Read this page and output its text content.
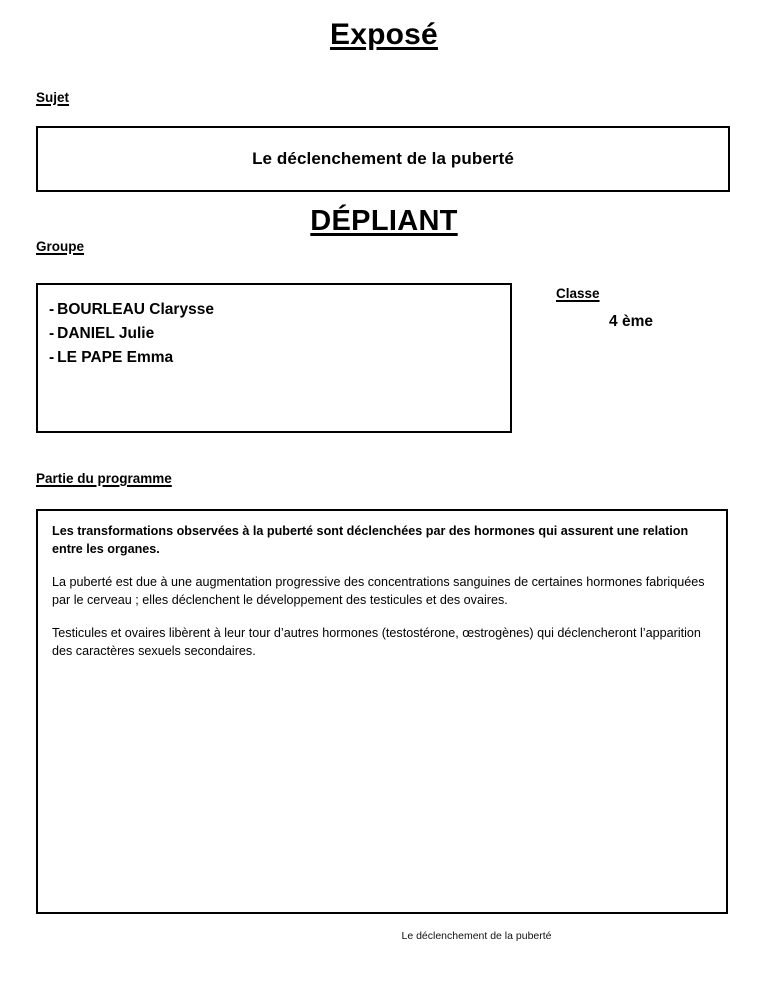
Exposé
Sujet
Le déclenchement de la puberté
DÉPLIANT
Groupe
- BOURLEAU Clarysse
- DANIEL Julie
- LE PAPE Emma
Classe
4 ème
Partie du programme

Les transformations observées à la puberté sont déclenchées par des hormones qui assurent une relation entre les organes.

La puberté est due à une augmentation progressive des concentrations sanguines de certaines hormones fabriquées par le cerveau ; elles déclenchent le développement des testicules et des ovaires.

Testicules et ovaires libèrent à leur tour d’autres hormones (testostérone, œstrogènes) qui déclencheront l’apparition des caractères sexuels secondaires.

Le déclenchement de la puberté
